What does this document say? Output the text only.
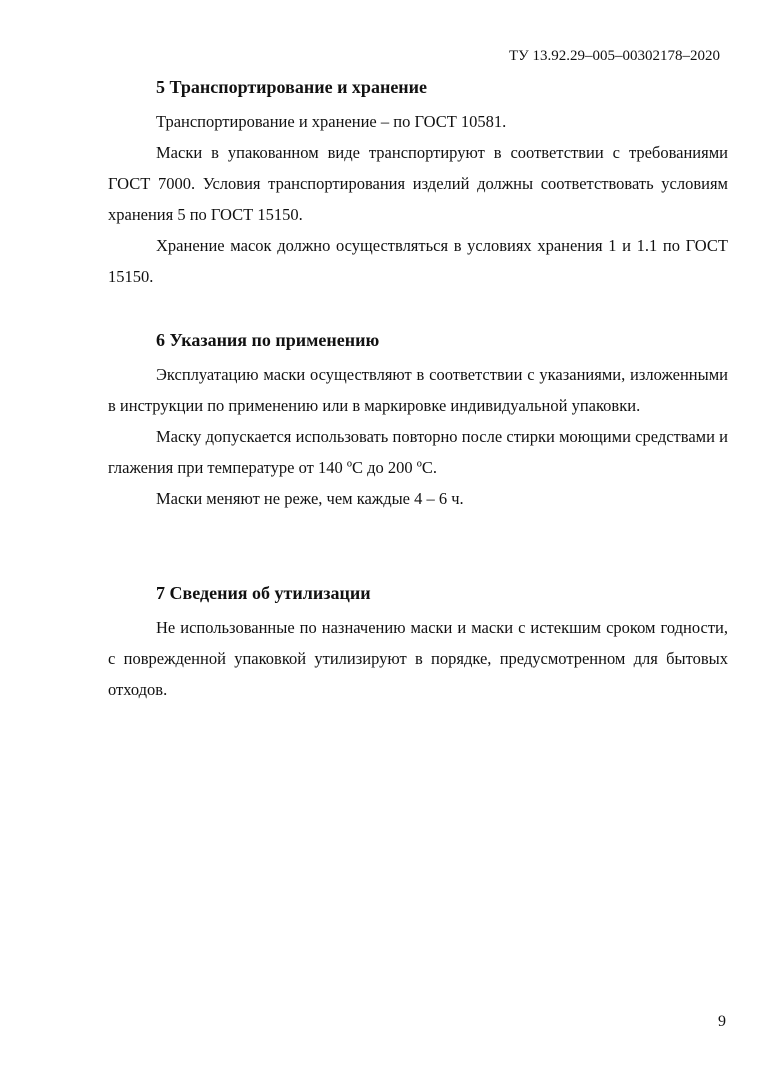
ТУ 13.92.29–005–00302178–2020
5 Транспортирование и хранение

Транспортирование и хранение – по ГОСТ 10581.

Маски в упакованном виде транспортируют в соответствии с требованиями ГОСТ 7000. Условия транспортирования изделий должны соответствовать условиям хранения 5 по ГОСТ 15150.

Хранение масок должно осуществляться в условиях хранения 1 и 1.1 по ГОСТ 15150.

6 Указания по применению

Эксплуатацию маски осуществляют в соответствии с указаниями, изложенными в инструкции по применению или в маркировке индивидуальной упаковки.

Маску допускается использовать повторно после стирки моющими средствами и глажения при температуре от 140 ºC до 200 ºC.

Маски меняют не реже, чем каждые 4 – 6 ч.

7 Сведения об утилизации

Не использованные по назначению маски и маски с истекшим сроком годности, с поврежденной упаковкой утилизируют в порядке, предусмотренном для бытовых отходов.

9
